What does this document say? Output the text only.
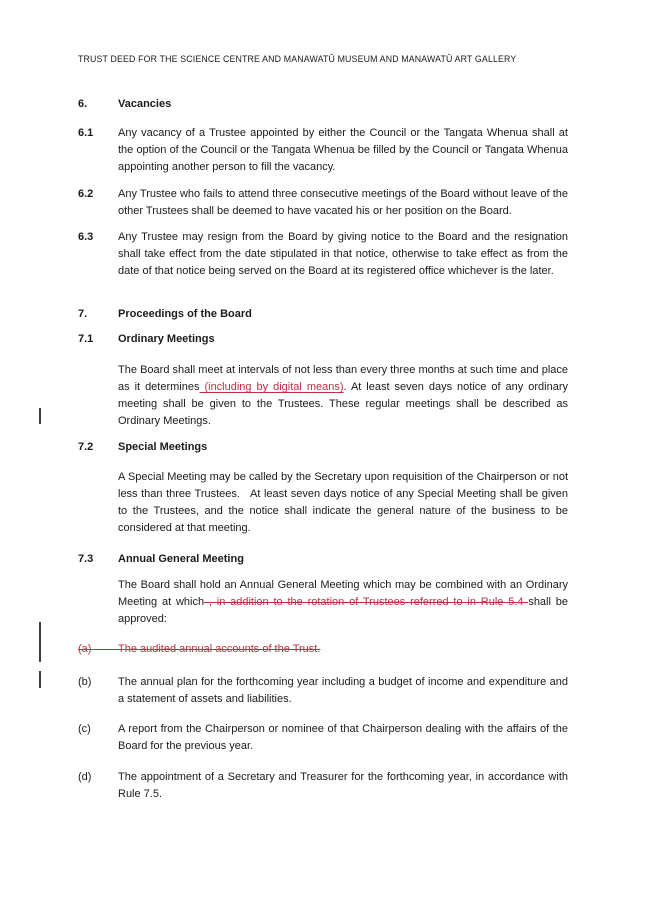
TRUST DEED FOR THE SCIENCE CENTRE AND MANAWATŪ MUSEUM AND MANAWATŪ ART GALLERY
6.	Vacancies
6.1	Any vacancy of a Trustee appointed by either the Council or the Tangata Whenua shall at the option of the Council or the Tangata Whenua be filled by the Council or Tangata Whenua appointing another person to fill the vacancy.
6.2	Any Trustee who fails to attend three consecutive meetings of the Board without leave of the other Trustees shall be deemed to have vacated his or her position on the Board.
6.3	Any Trustee may resign from the Board by giving notice to the Board and the resignation shall take effect from the date stipulated in that notice, otherwise to take effect as from the date of that notice being served on the Board at its registered office whichever is the later.
7.	Proceedings of the Board
7.1	Ordinary Meetings
The Board shall meet at intervals of not less than every three months at such time and place as it determines (including by digital means). At least seven days notice of any ordinary meeting shall be given to the Trustees. These regular meetings shall be described as Ordinary Meetings.
7.2	Special Meetings
A Special Meeting may be called by the Secretary upon requisition of the Chairperson or not less than three Trustees.   At least seven days notice of any Special Meeting shall be given to the Trustees, and the notice shall indicate the general nature of the business to be considered at that meeting.
7.3	Annual General Meeting
The Board shall hold an Annual General Meeting which may be combined with an Ordinary Meeting at which , in addition to the rotation of Trustees referred to in Rule 5.4 shall be approved:
(a) The audited annual accounts of the Trust.
(b)	The annual plan for the forthcoming year including a budget of income and expenditure and a statement of assets and liabilities.
(c)	A report from the Chairperson or nominee of that Chairperson dealing with the affairs of the Board for the previous year.
(d)	The appointment of a Secretary and Treasurer for the forthcoming year, in accordance with Rule 7.5.
